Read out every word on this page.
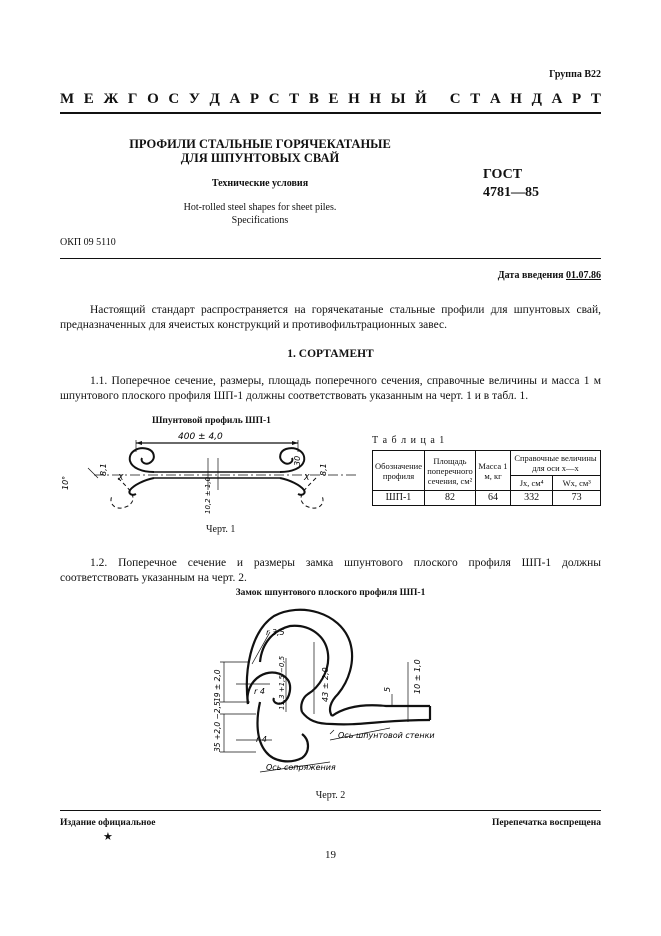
Группа В22
М Е Ж Г О С У Д А Р С Т В Е Н Н Ы Й
С Т А Н Д А Р Т
ПРОФИЛИ СТАЛЬНЫЕ ГОРЯЧЕКАТАНЫЕ
ДЛЯ ШПУНТОВЫХ СВАЙ
Технические условия
Hot-rolled steel shapes for sheet piles.
Specifications
ГОСТ
4781—85
ОКП 09 5110
Дата введения 01.07.86
Настоящий стандарт распространяется на горячекатаные стальные профили для шпунтовых свай, предназначенных для ячеистых конструкций и противофильтрационных завес.
1. СОРТАМЕНТ
1.1. Поперечное сечение, размеры, площадь поперечного сечения, справочные величины и масса 1 м шпунтового плоского профиля ШП-1 должны соответствовать указанным на черт. 1 и в табл. 1.
Шпунтовой профиль ШП-1
400 ± 4,0
10°
8,1
X	X
8,1
30
10,2 ± 1,0
Черт. 1
Т а б л и ц а 1
Обозначение профиля	Площадь поперечного сечения, см²	Масса 1 м, кг	Справочные величины для оси x—x	
			Jx, см⁴	Wx, см³
ШП-1	82	64	332	73
1.2. Поперечное сечение и размеры замка шпунтового плоского профиля ШП-1 должны соответствовать указанным на черт. 2.
Замок шпунтового плоского профиля ШП-1
r 3,5
r 4
r 4
19 ± 2,0	11,3 +1,5 −0,5	43 ± 2,0
35 +2,0 −2,5
5	10 ± 1,0
Ось шпунтовой стенки
Ось сопряжения
Черт. 2
Издание официальное	Перепечатка воспрещена
★
19
